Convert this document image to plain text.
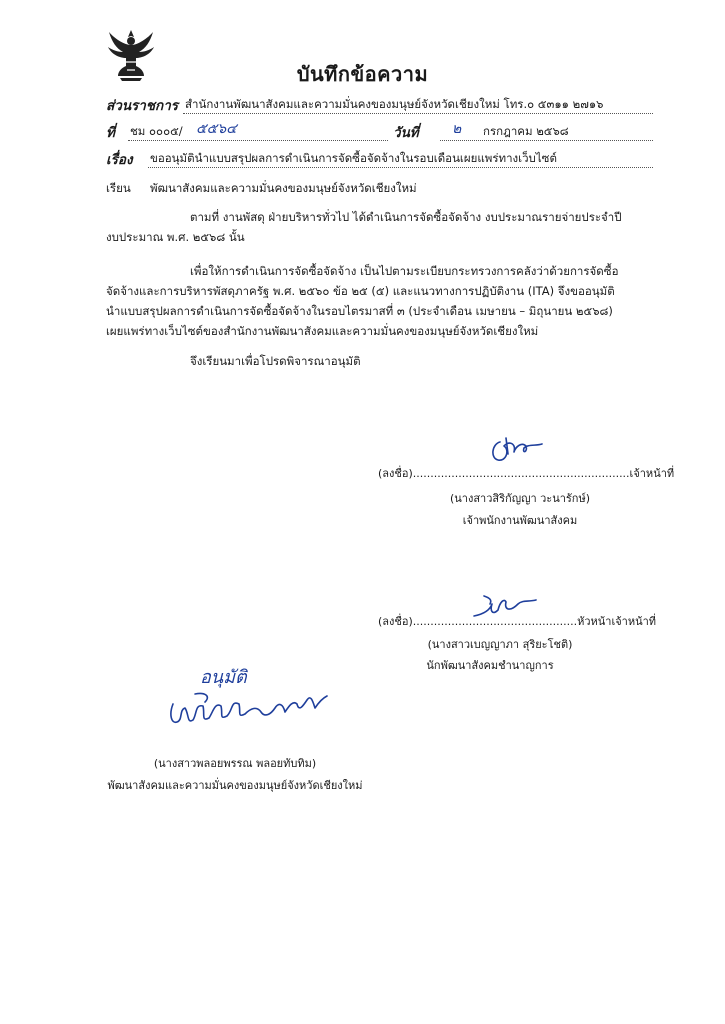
บันทึกข้อความ
ส่วนราชการ สำนักงานพัฒนาสังคมและความมั่นคงของมนุษย์จังหวัดเชียงใหม่ โทร.๐ ๕๓๑๑ ๒๗๑๖
ที่ ชม ๐๐๐๕/ ๕๕๖๔	วันที่ ๒ กรกฎาคม ๒๕๖๘
เรื่อง ขออนุมัตินำแบบสรุปผลการดำเนินการจัดซื้อจัดจ้างในรอบเดือนเผยแพร่ทางเว็บไซต์
เรียน พัฒนาสังคมและความมั่นคงของมนุษย์จังหวัดเชียงใหม่
ตามที่ งานพัสดุ ฝ่ายบริหารทั่วไป ได้ดำเนินการจัดซื้อจัดจ้าง งบประมาณรายจ่ายประจำปี
งบประมาณ พ.ศ. ๒๕๖๘ นั้น
เพื่อให้การดำเนินการจัดซื้อจัดจ้าง เป็นไปตามระเบียบกระทรวงการคลังว่าด้วยการจัดซื้อ
จัดจ้างและการบริหารพัสดุภาครัฐ พ.ศ. ๒๕๖๐ ข้อ ๒๕ (๕) และแนวทางการปฏิบัติงาน (ITA) จึงขออนุมัติ
นำแบบสรุปผลการดำเนินการจัดซื้อจัดจ้างในรอบไตรมาสที่ ๓ (ประจำเดือน เมษายน – มิถุนายน ๒๕๖๘)
เผยแพร่ทางเว็บไซต์ของสำนักงานพัฒนาสังคมและความมั่นคงของมนุษย์จังหวัดเชียงใหม่
จึงเรียนมาเพื่อโปรดพิจารณาอนุมัติ
(ลงชื่อ)..............................................................เจ้าหน้าที่
(นางสาวสิริกัญญา วะนารักษ์)
เจ้าพนักงานพัฒนาสังคม
(ลงชื่อ)...............................................หัวหน้าเจ้าหน้าที่
(นางสาวเบญญาภา สุริยะโชติ)
นักพัฒนาสังคมชำนาญการ
อนุมัติ
(นางสาวพลอยพรรณ พลอยทับทิม)
พัฒนาสังคมและความมั่นคงของมนุษย์จังหวัดเชียงใหม่
